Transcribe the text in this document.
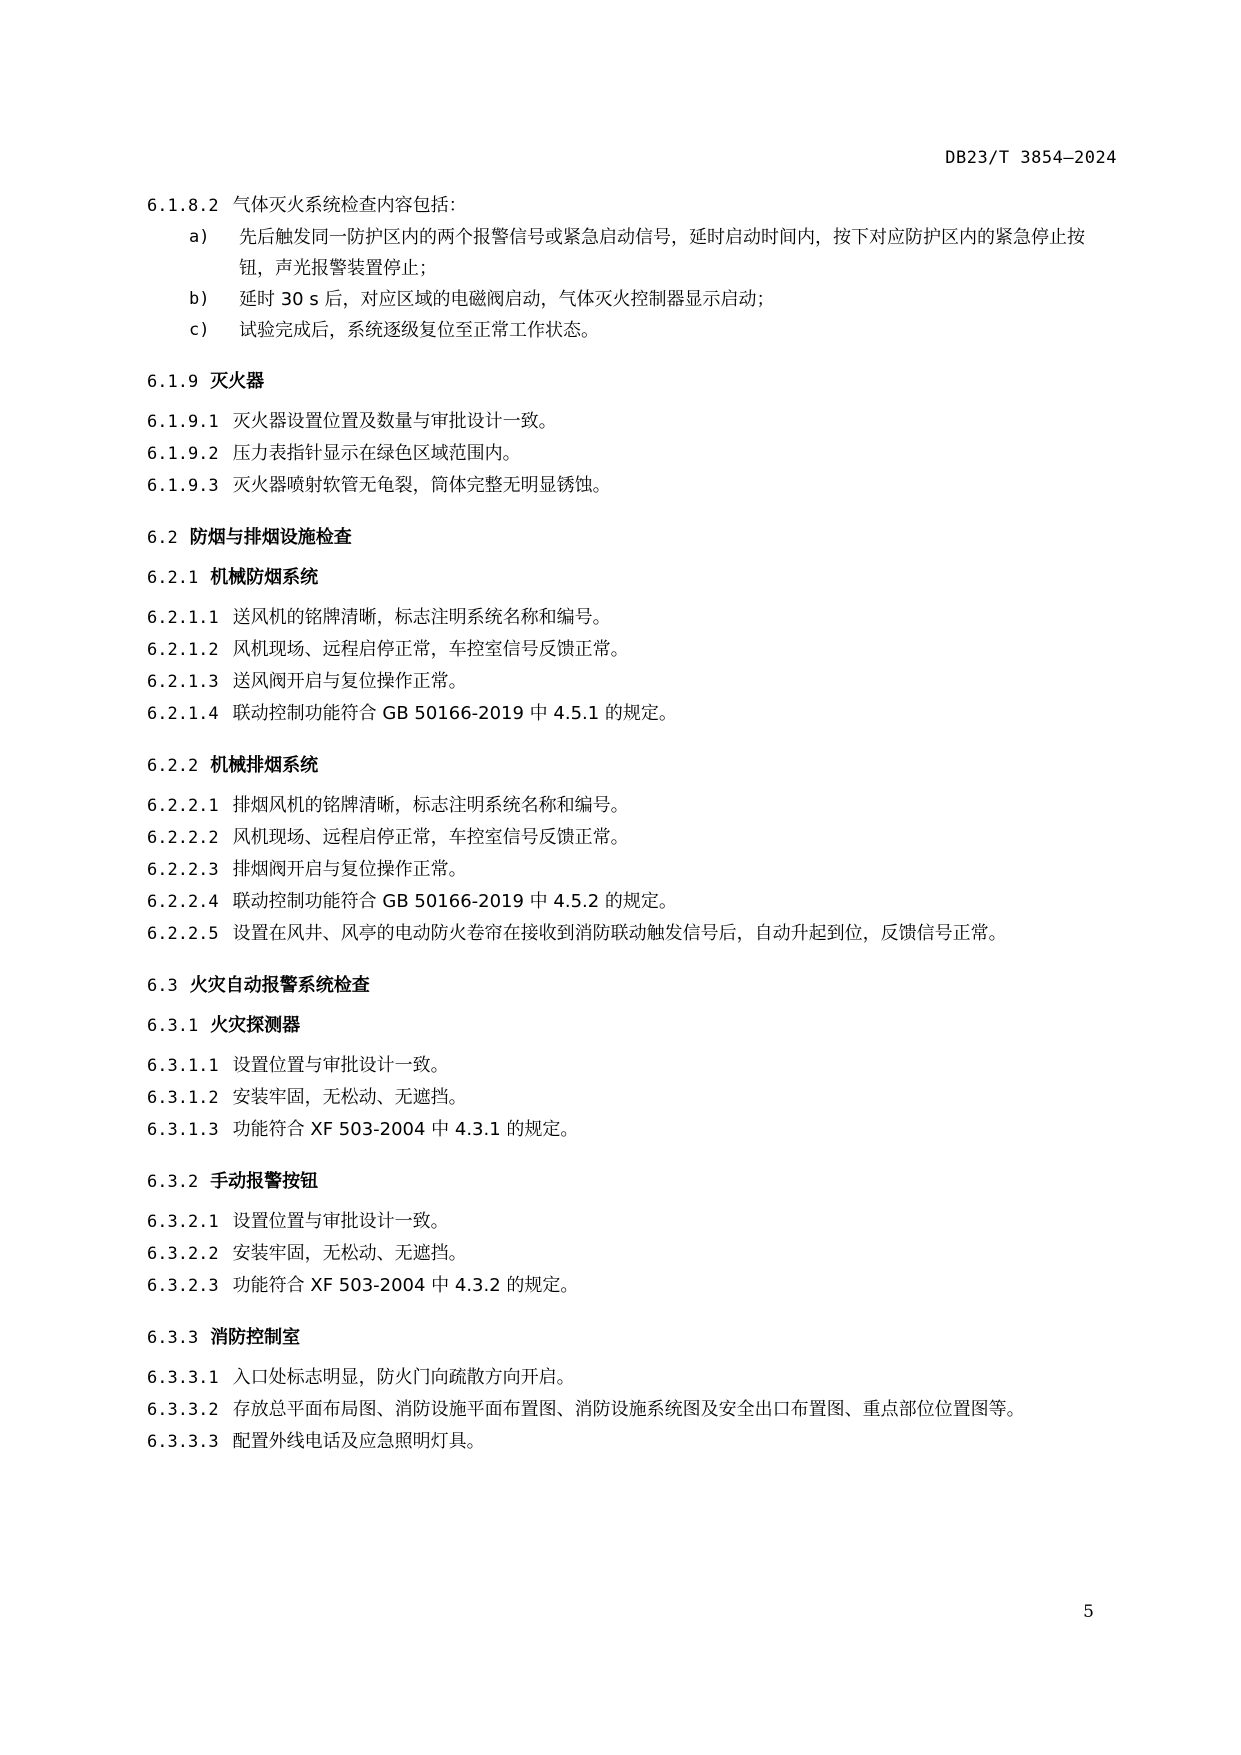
DB23/T 3854—2024
6.1.8.2 气体灭火系统检查内容包括：
a) 先后触发同一防护区内的两个报警信号或紧急启动信号，延时启动时间内，按下对应防护区内的紧急停止按钮，声光报警装置停止；
b) 延时 30 s 后，对应区域的电磁阀启动，气体灭火控制器显示启动；
c) 试验完成后，系统逐级复位至正常工作状态。
6.1.9 灭火器
6.1.9.1 灭火器设置位置及数量与审批设计一致。
6.1.9.2 压力表指针显示在绿色区域范围内。
6.1.9.3 灭火器喷射软管无龟裂，筒体完整无明显锈蚀。
6.2 防烟与排烟设施检查
6.2.1 机械防烟系统
6.2.1.1 送风机的铭牌清晰，标志注明系统名称和编号。
6.2.1.2 风机现场、远程启停正常，车控室信号反馈正常。
6.2.1.3 送风阀开启与复位操作正常。
6.2.1.4 联动控制功能符合 GB 50166-2019 中 4.5.1 的规定。
6.2.2 机械排烟系统
6.2.2.1 排烟风机的铭牌清晰，标志注明系统名称和编号。
6.2.2.2 风机现场、远程启停正常，车控室信号反馈正常。
6.2.2.3 排烟阀开启与复位操作正常。
6.2.2.4 联动控制功能符合 GB 50166-2019 中 4.5.2 的规定。
6.2.2.5 设置在风井、风亭的电动防火卷帘在接收到消防联动触发信号后，自动升起到位，反馈信号正常。
6.3 火灾自动报警系统检查
6.3.1 火灾探测器
6.3.1.1 设置位置与审批设计一致。
6.3.1.2 安装牢固，无松动、无遮挡。
6.3.1.3 功能符合 XF 503-2004 中 4.3.1 的规定。
6.3.2 手动报警按钮
6.3.2.1 设置位置与审批设计一致。
6.3.2.2 安装牢固，无松动、无遮挡。
6.3.2.3 功能符合 XF 503-2004 中 4.3.2 的规定。
6.3.3 消防控制室
6.3.3.1 入口处标志明显，防火门向疏散方向开启。
6.3.3.2 存放总平面布局图、消防设施平面布置图、消防设施系统图及安全出口布置图、重点部位位置图等。
6.3.3.3 配置外线电话及应急照明灯具。
5
